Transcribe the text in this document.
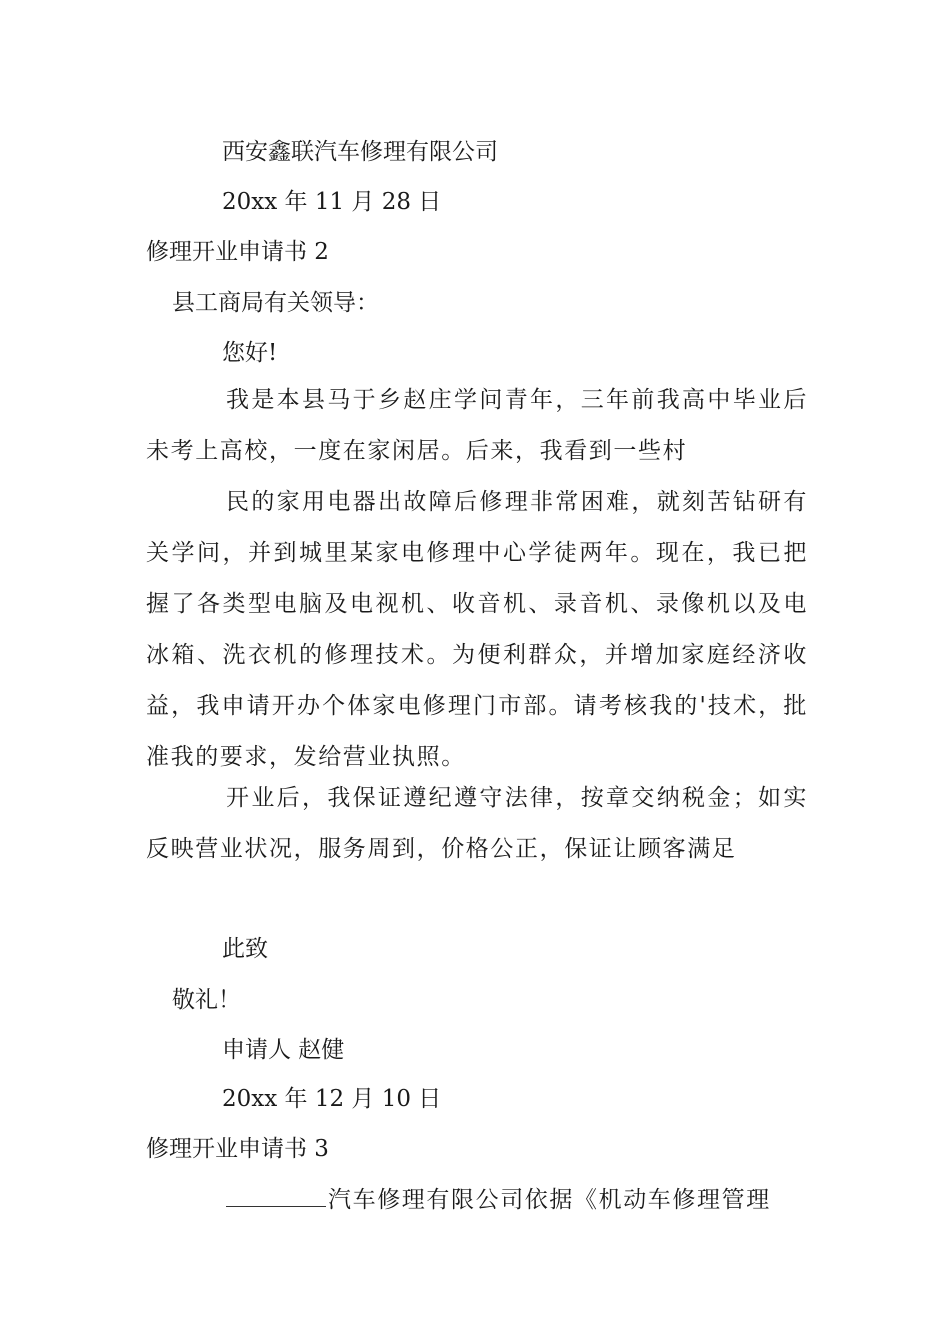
西安鑫联汽车修理有限公司
20xx 年 11 月 28 日
修理开业申请书 2
县工商局有关领导：
您好!
我是本县马于乡赵庄学问青年，三年前我高中毕业后未考上高校，一度在家闲居。后来，我看到一些村
民的家用电器出故障后修理非常困难，就刻苦钻研有关学问，并到城里某家电修理中心学徒两年。现在，我已把握了各类型电脑及电视机、收音机、录音机、录像机以及电冰箱、洗衣机的修理技术。为便利群众，并增加家庭经济收益，我申请开办个体家电修理门市部。请考核我的'技术，批准我的要求，发给营业执照。
开业后，我保证遵纪遵守法律，按章交纳税金；如实反映营业状况，服务周到，价格公正，保证让顾客满足
此致
敬礼！
申请人 赵健
20xx 年 12 月 10 日
修理开业申请书 3
汽车修理有限公司依据《机动车修理管理
